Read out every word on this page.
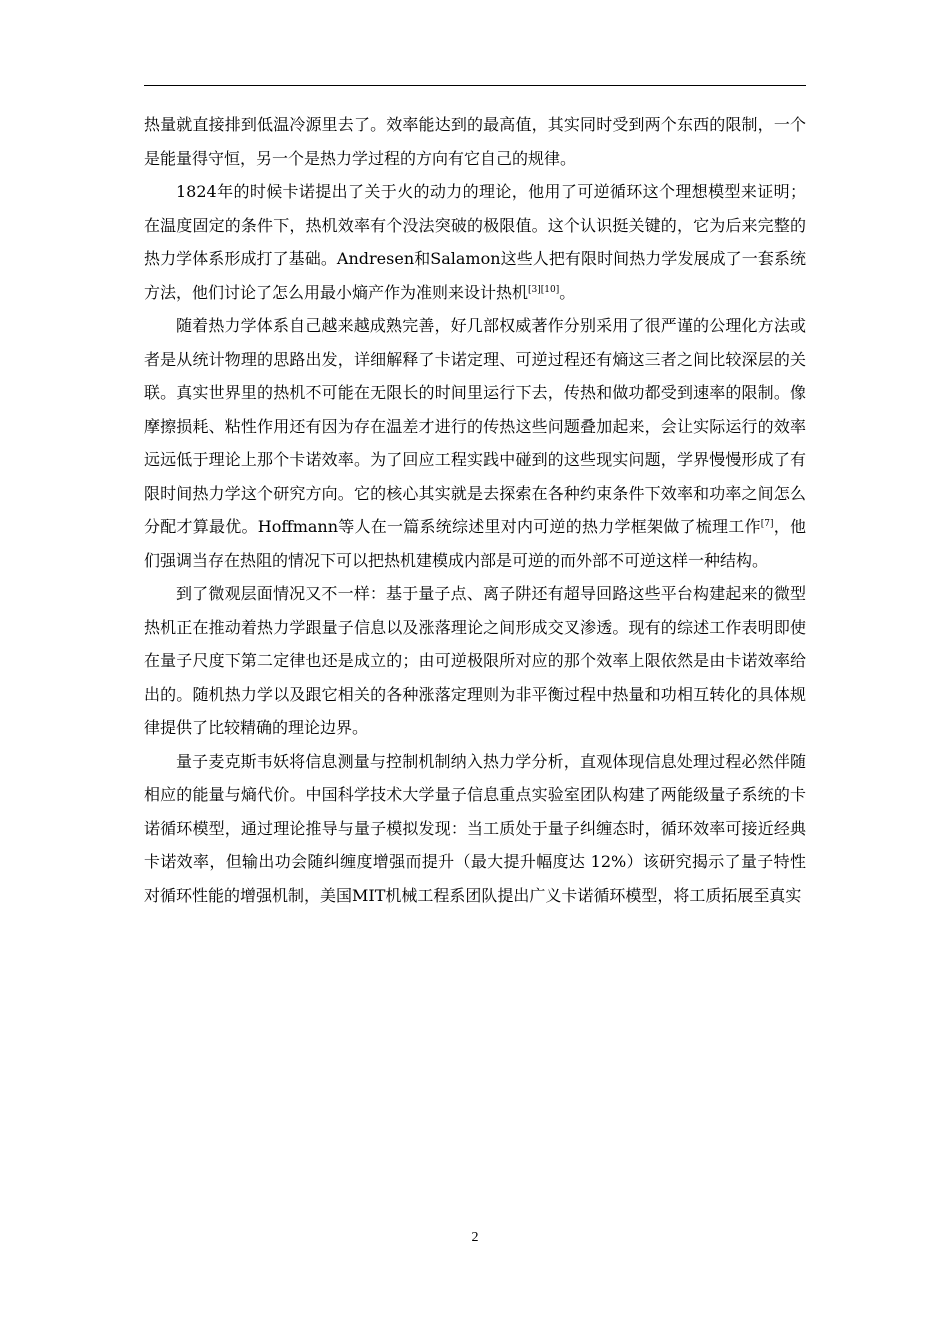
热量就直接排到低温冷源里去了。效率能达到的最高值，其实同时受到两个东西的限制，一个是能量得守恒，另一个是热力学过程的方向有它自己的规律。

1824年的时候卡诺提出了关于火的动力的理论，他用了可逆循环这个理想模型来证明；在温度固定的条件下，热机效率有个没法突破的极限值。这个认识挺关键的，它为后来完整的热力学体系形成打了基础。Andresen和Salamon这些人把有限时间热力学发展成了一套系统方法，他们讨论了怎么用最小熵产作为准则来设计热机[3][10]。

随着热力学体系自己越来越成熟完善，好几部权威著作分别采用了很严谨的公理化方法或者是从统计物理的思路出发，详细解释了卡诺定理、可逆过程还有熵这三者之间比较深层的关联。真实世界里的热机不可能在无限长的时间里运行下去，传热和做功都受到速率的限制。像摩擦损耗、粘性作用还有因为存在温差才进行的传热这些问题叠加起来，会让实际运行的效率远远低于理论上那个卡诺效率。为了回应工程实践中碰到的这些现实问题，学界慢慢形成了有限时间热力学这个研究方向。它的核心其实就是去探索在各种约束条件下效率和功率之间怎么分配才算最优。Hoffmann等人在一篇系统综述里对内可逆的热力学框架做了梳理工作[7]，他们强调当存在热阻的情况下可以把热机建模成内部是可逆的而外部不可逆这样一种结构。

到了微观层面情况又不一样：基于量子点、离子阱还有超导回路这些平台构建起来的微型热机正在推动着热力学跟量子信息以及涨落理论之间形成交叉渗透。现有的综述工作表明即使在量子尺度下第二定律也还是成立的；由可逆极限所对应的那个效率上限依然是由卡诺效率给出的。随机热力学以及跟它相关的各种涨落定理则为非平衡过程中热量和功相互转化的具体规律提供了比较精确的理论边界。

量子麦克斯韦妖将信息测量与控制机制纳入热力学分析，直观体现信息处理过程必然伴随相应的能量与熵代价。中国科学技术大学量子信息重点实验室团队构建了两能级量子系统的卡诺循环模型，通过理论推导与量子模拟发现：当工质处于量子纠缠态时，循环效率可接近经典卡诺效率，但输出功会随纠缠度增强而提升（最大提升幅度达 12%）该研究揭示了量子特性对循环性能的增强机制，美国MIT机械工程系团队提出广义卡诺循环模型，将工质拓展至真实

2
